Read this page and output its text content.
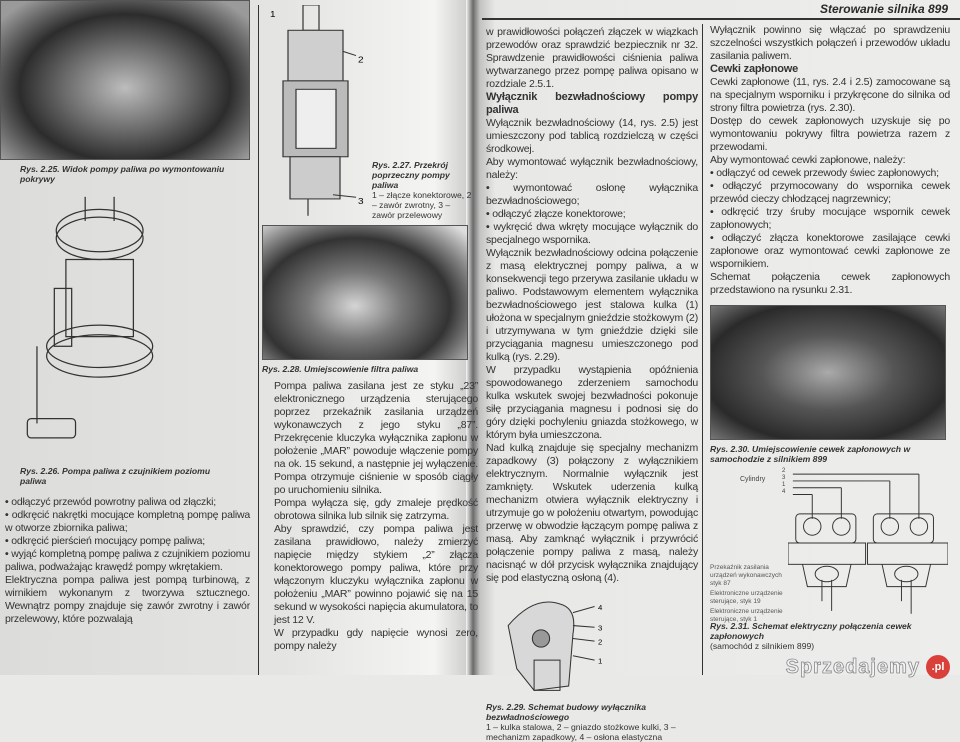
Rys. 2.25. Widok pompy paliwa po wymontowaniu pokrywy
Rys. 2.26. Pompa paliwa z czujnikiem poziomu paliwa

• odłączyć przewód powrotny paliwa od złączki;

• odkręcić nakrętki mocujące kompletną pompę paliwa w otworze zbiornika paliwa;

• odkręcić pierścień mocujący pompę paliwa;

• wyjąć kompletną pompę paliwa z czujnikiem poziomu paliwa, podważając krawędź pompy wkrętakiem.

Elektryczna pompa paliwa jest pompą turbinową, z wirnikiem wykonanym z tworzywa sztucznego. Wewnątrz pompy znajduje się zawór zwrotny i zawór przelewowy, które pozwalają

2
3
1
Rys. 2.27. Przekrój poprzeczny pompy paliwa
1 – złącze konektorowe, 2 – zawór zwrotny, 3 – zawór przelewowy
Rys. 2.28. Umiejscowienie filtra paliwa

Pompa paliwa zasilana jest ze styku „23” elektronicznego urządzenia sterującego poprzez przekaźnik zasilania urządzeń wykonawczych z jego styku „87”. Przekręcenie kluczyka wyłącznika zapłonu w położenie „MAR” powoduje włączenie pompy na ok. 15 sekund, a następnie jej wyłączenie. Pompa otrzymuje ciśnienie w sposób ciągły po uruchomieniu silnika.

Pompa wyłącza się, gdy zmaleje prędkość obrotowa silnika lub silnik się zatrzyma.

Aby sprawdzić, czy pompa paliwa jest zasilana prawidłowo, należy zmierzyć napięcie między stykiem „2” złącza konektorowego pompy paliwa, które przy włączonym kluczyku wyłącznika zapłonu w położeniu „MAR” powinno pojawić się na 15 sekund w wysokości napięcia akumulatora, to jest 12 V.

W przypadku gdy napięcie wynosi zero, pompy należy

Sterowanie silnika 899

w prawidłowości połączeń złączek w wiązkach przewodów oraz sprawdzić bezpiecznik nr 32. Sprawdzenie prawidłowości ciśnienia paliwa wytwarzanego przez pompę paliwa opisano w rozdziale 2.5.1.

Wyłącznik bezwładnościowy pompy paliwa

Wyłącznik bezwładnościowy (14, rys. 2.5) jest umieszczony pod tablicą rozdzielczą w części środkowej.

Aby wymontować wyłącznik bezwładnościowy, należy:

• wymontować osłonę wyłącznika bezwładnościowego;

• odłączyć złącze konektorowe;

• wykręcić dwa wkręty mocujące wyłącznik do specjalnego wspornika.

Wyłącznik bezwładnościowy odcina połączenie z masą elektrycznej pompy paliwa, a w konsekwencji tego przerywa zasilanie układu w paliwo. Podstawowym elementem wyłącznika bezwładnościowego jest stalowa kulka (1) ułożona w specjalnym gnieździe stożkowym (2) i utrzymywana w tym gnieździe dzięki sile przyciągania magnesu umieszczonego pod kulką (rys. 2.29).

W przypadku wystąpienia opóźnienia spowodowanego zderzeniem samochodu kulka wskutek swojej bezwładności pokonuje siłę przyciągania magnesu i podnosi się do góry dzięki pochyleniu gniazda stożkowego, w którym była umieszczona.

Nad kulką znajduje się specjalny mechanizm zapadkowy (3) połączony z wyłącznikiem elektrycznym. Normalnie wyłącznik jest zamknięty. Wskutek uderzenia kulką mechanizm otwiera wyłącznik elektryczny i utrzymuje go w położeniu otwartym, powodując przerwę w obwodzie łączącym pompę paliwa z masą. Aby zamknąć wyłącznik i przywrócić połączenie pompy paliwa z masą, należy nacisnąć w dół przycisk wyłącznika znajdujący się pod elastyczną osłoną (4).

4
3
2
1
Rys. 2.29. Schemat budowy wyłącznika bezwładnościowego
1 – kulka stalowa, 2 – gniazdo stożkowe kulki, 3 – mechanizm zapadkowy, 4 – osłona elastyczna

Wyłącznik powinno się włączać po sprawdzeniu szczelności wszystkich połączeń i przewodów układu zasilania paliwem.

Cewki zapłonowe

Cewki zapłonowe (11, rys. 2.4 i 2.5) zamocowane są na specjalnym wsporniku i przykręcone do silnika od strony filtra powietrza (rys. 2.30).

Dostęp do cewek zapłonowych uzyskuje się po wymontowaniu pokrywy filtra powietrza razem z przewodami.

Aby wymontować cewki zapłonowe, należy:

• odłączyć od cewek przewody świec zapłonowych;

• odłączyć przymocowany do wspornika cewek przewód cieczy chłodzącej nagrzewnicy;

• odkręcić trzy śruby mocujące wspornik cewek zapłonowych;

• odłączyć złącza konektorowe zasilające cewki zapłonowe oraz wymontować cewki zapłonowe ze wspornikiem.

Schemat połączenia cewek zapłonowych przedstawiono na rysunku 2.31.

Rys. 2.30. Umiejscowienie cewek zapłonowych w samochodzie z silnikiem 899
Cylindry
2
3
1
4
Przekaźnik zasilania urządzeń wykonawczych styk 87
Elektroniczne urządzenie sterujące, styk 19
Elektroniczne urządzenie sterujące, styk 1
Rys. 2.31. Schemat elektryczny połączenia cewek zapłonowych
(samochód z silnikiem 899)
Sprzedajemy	.pl
